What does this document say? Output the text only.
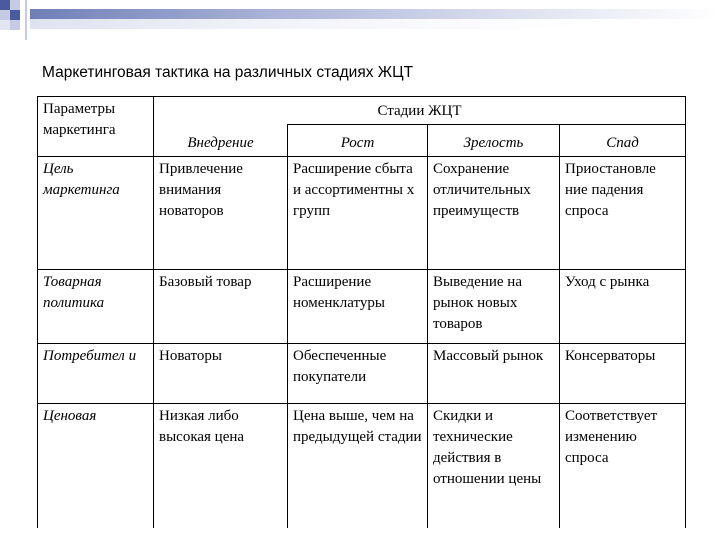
Маркетинговая тактика на различных стадиях ЖЦТ
Параметры маркетинга	Стадии ЖЦТ			
	Внедрение	Рост	Зрелость	Спад
Цель маркетинга	Привлечение внимания новаторов	Расширение сбыта и ассортиментны х групп	Сохранение отличительных преимуществ	Приостановле ние падения спроса
Товарная политика	Базовый товар	Расширение номенклатуры	Выведение на рынок новых товаров	Уход с рынка
Потребител и	Новаторы	Обеспеченные покупатели	Массовый рынок	Консерваторы
Ценовая	Низкая либо высокая цена	Цена выше, чем на предыдущей стадии	Скидки и технические действия в отношении цены	Соответствует изменению спроса
